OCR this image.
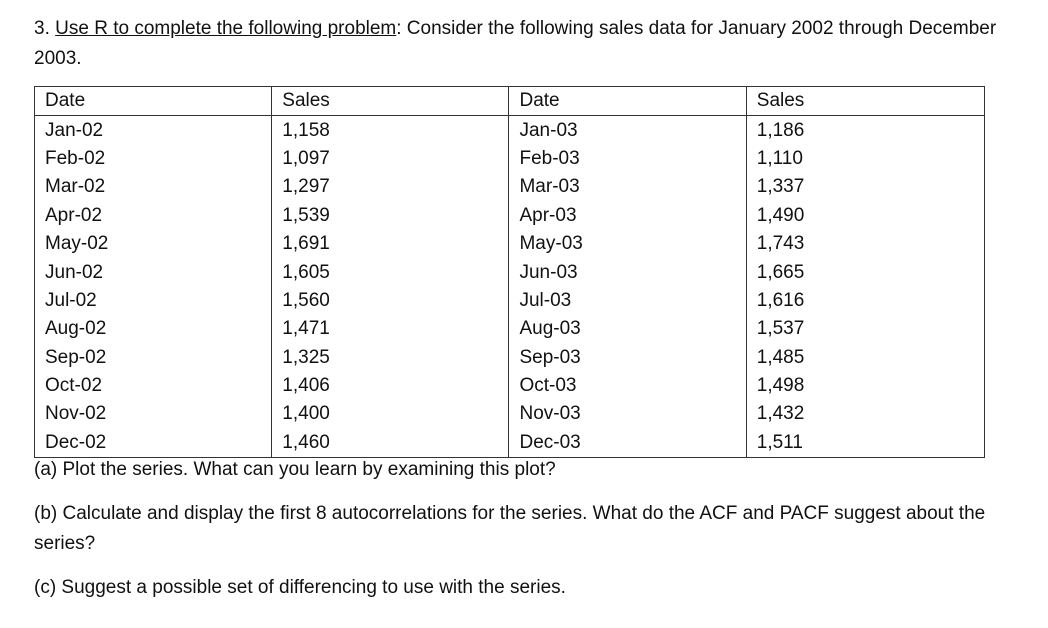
3. Use R to complete the following problem: Consider the following sales data for January 2002 through December 2003.
Date	Sales	Date	Sales
Jan-02	1,158	Jan-03	1,186
Feb-02	1,097	Feb-03	1,110
Mar-02	1,297	Mar-03	1,337
Apr-02	1,539	Apr-03	1,490
May-02	1,691	May-03	1,743
Jun-02	1,605	Jun-03	1,665
Jul-02	1,560	Jul-03	1,616
Aug-02	1,471	Aug-03	1,537
Sep-02	1,325	Sep-03	1,485
Oct-02	1,406	Oct-03	1,498
Nov-02	1,400	Nov-03	1,432
Dec-02	1,460	Dec-03	1,511
(a) Plot the series. What can you learn by examining this plot?
(b) Calculate and display the first 8 autocorrelations for the series. What do the ACF and PACF suggest about the series?
(c) Suggest a possible set of differencing to use with the series.
